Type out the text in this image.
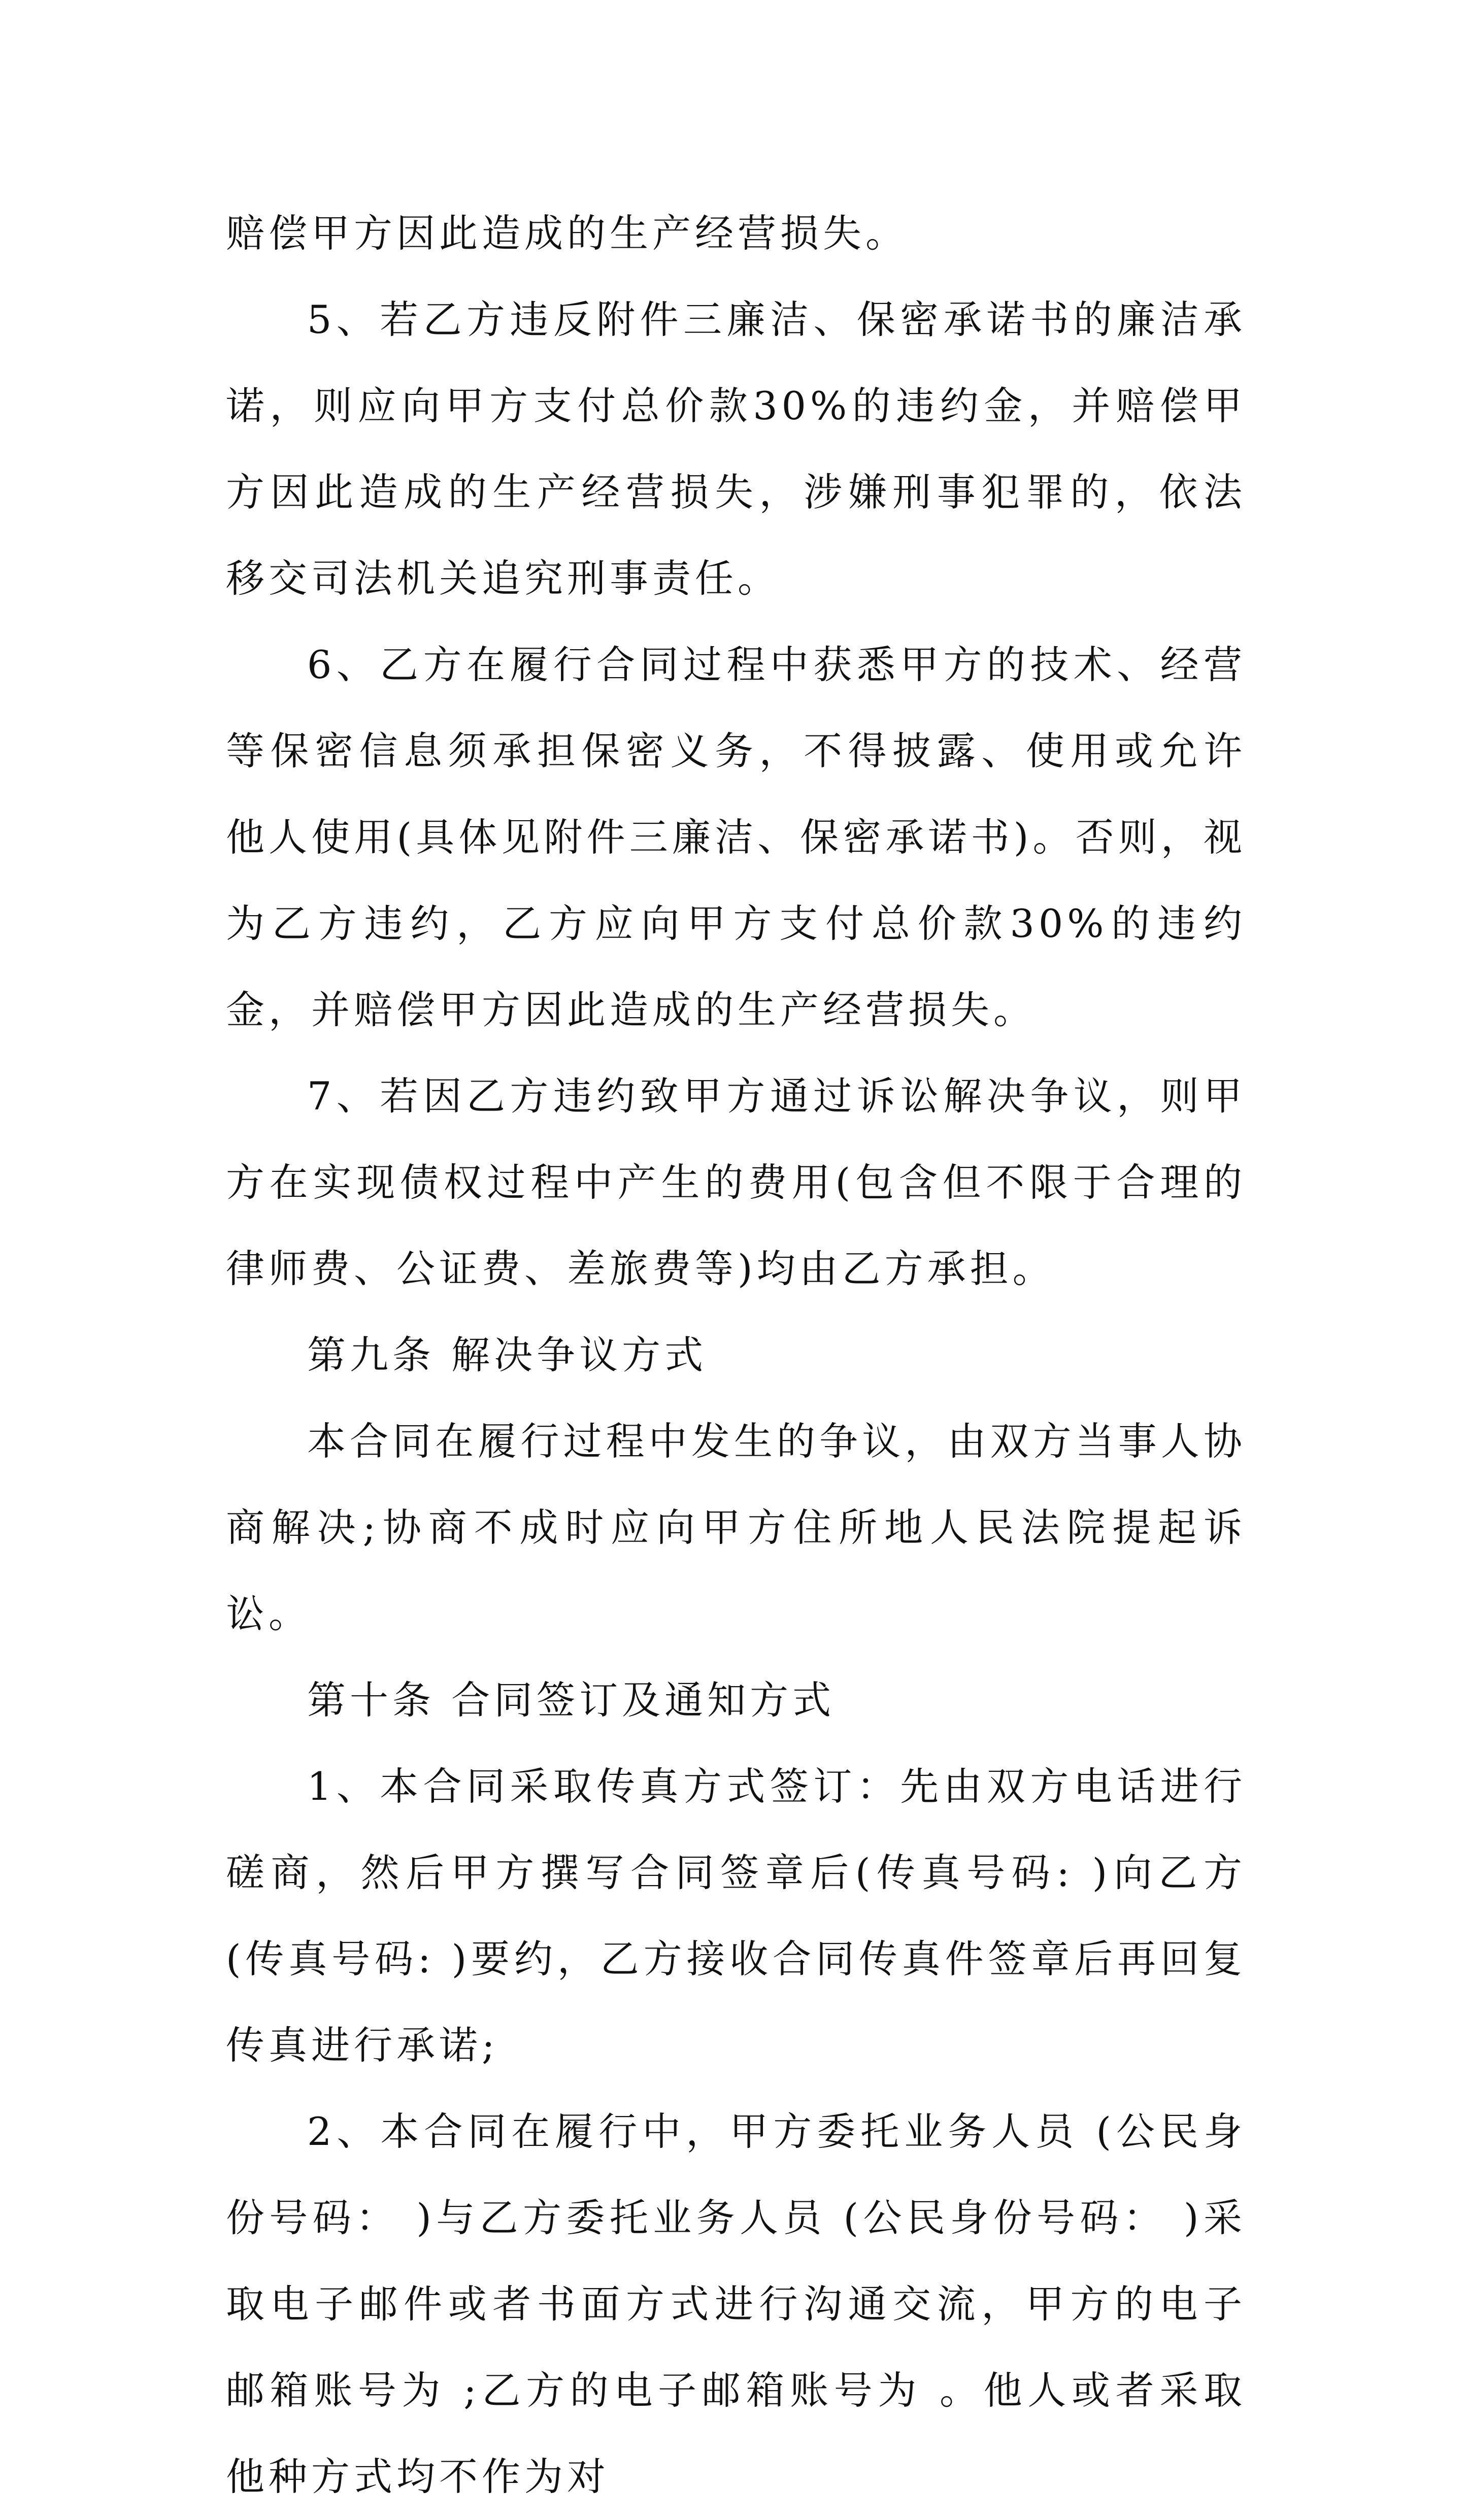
赔偿甲方因此造成的生产经营损失。

5、若乙方违反附件三廉洁、保密承诺书的廉洁承诺，则应向甲方支付总价款30%的违约金，并赔偿甲方因此造成的生产经营损失，涉嫌刑事犯罪的，依法移交司法机关追究刑事责任。

6、乙方在履行合同过程中获悉甲方的技术、经营等保密信息须承担保密义务，不得披露、使用或允许他人使用(具体见附件三廉洁、保密承诺书)。否则，视为乙方违约，乙方应向甲方支付总价款30%的违约金，并赔偿甲方因此造成的生产经营损失。

7、若因乙方违约致甲方通过诉讼解决争议，则甲方在实现债权过程中产生的费用(包含但不限于合理的律师费、公证费、差旅费等)均由乙方承担。

第九条 解决争议方式

本合同在履行过程中发生的争议，由双方当事人协商解决;协商不成时应向甲方住所地人民法院提起诉讼。

第十条 合同签订及通知方式

1、本合同采取传真方式签订：先由双方电话进行磋商，然后甲方撰写合同签章后(传真号码: )向乙方(传真号码: )要约，乙方接收合同传真件签章后再回复传真进行承诺;

2、本合同在履行中，甲方委托业务人员 (公民身份号码： )与乙方委托业务人员 (公民身份号码： )采取电子邮件或者书面方式进行沟通交流，甲方的电子邮箱账号为 ;乙方的电子邮箱账号为 。他人或者采取他种方式均不作为对
